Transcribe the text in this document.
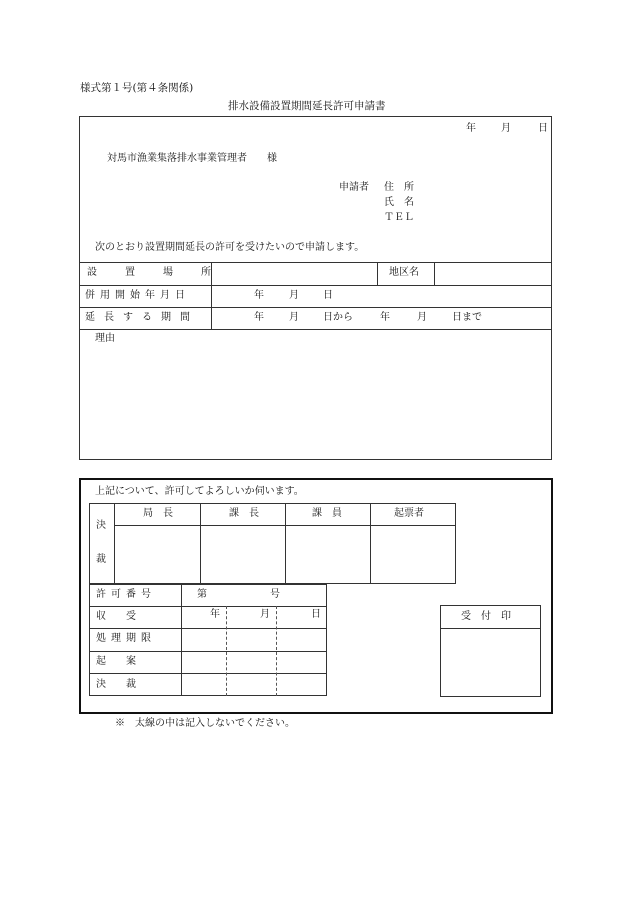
様式第１号(第４条関係)
排水設備設置期間延長許可申請書
年	月	日
対馬市漁業集落排水事業管理者　　様
申請者 住　所
氏　名
ＴＥＬ
次のとおり設置期間延長の許可を受けたいので申請します。
設　置　場　所	地区名
併用開始年月日	年	月 日
延長する期間	年	月 日から	年	月	日まで
理由
上記について、許可してよろしいか伺います。
決
裁
局　長	課　長	課　員	起票者
許可番号	第	号
収　　受	年	月	日
処理期限
起　　案
決　　裁
受　付　印
※　太線の中は記入しないでください。
